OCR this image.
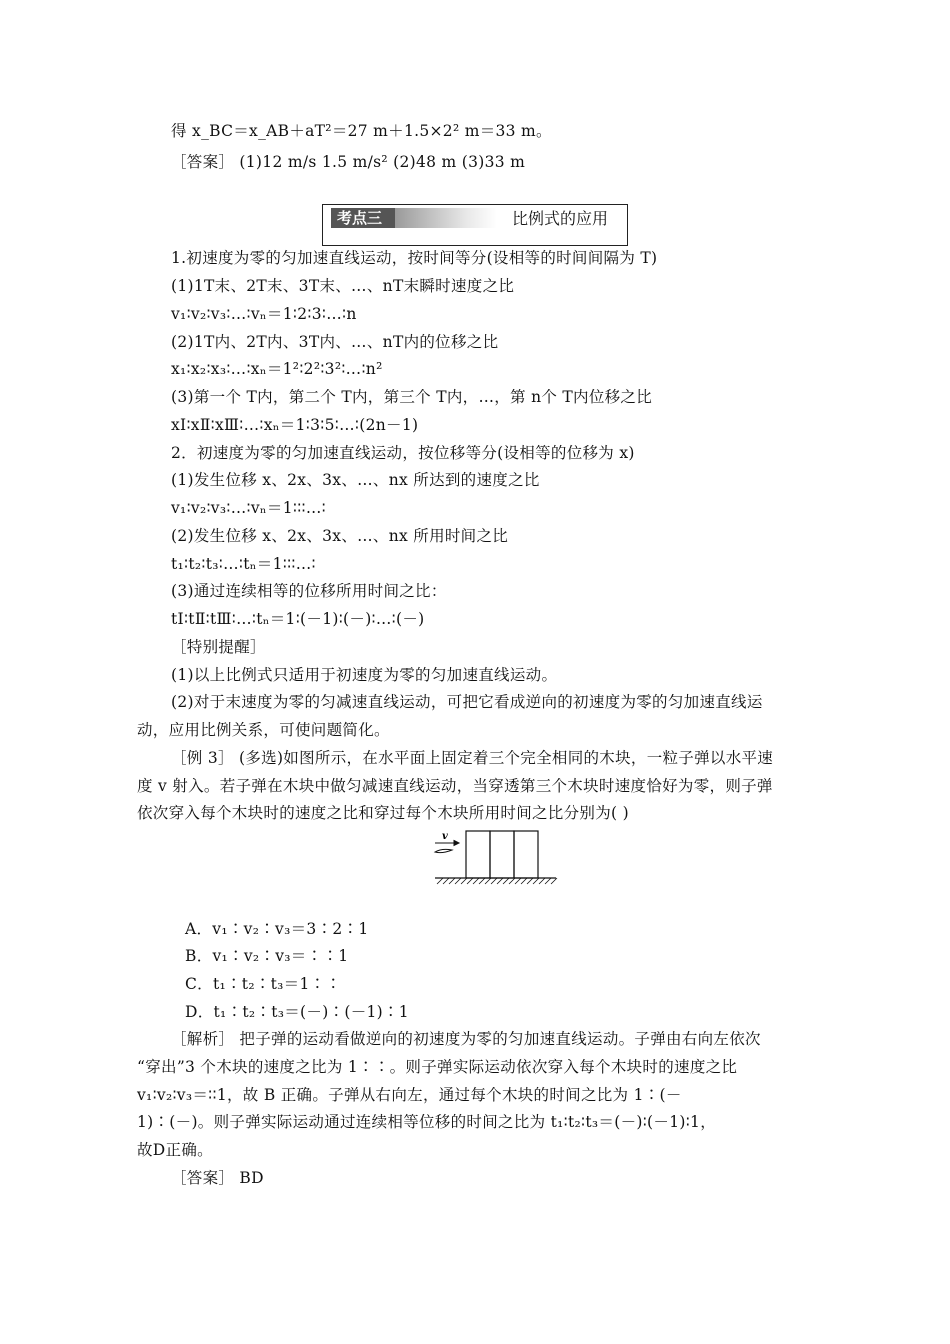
得 x_BC＝x_AB＋aT²＝27 m＋1.5×2² m＝33 m。
［答案］ (1)12 m/s 1.5 m/s² (2)48 m (3)33 m
考点三	比例式的应用
1.初速度为零的匀加速直线运动，按时间等分(设相等的时间间隔为 T)
(1)1T末、2T末、3T末、…、nT末瞬时速度之比
v₁∶v₂∶v₃∶…∶vₙ＝1∶2∶3∶…∶n
(2)1T内、2T内、3T内、…、nT内的位移之比
x₁∶x₂∶x₃∶…∶xₙ＝1²∶2²∶3²∶…∶n²
(3)第一个 T内，第二个 T内，第三个 T内，…，第 n个 T内位移之比
xⅠ∶xⅡ∶xⅢ∶…∶xₙ＝1∶3∶5∶…∶(2n－1)
2．初速度为零的匀加速直线运动，按位移等分(设相等的位移为 x)
(1)发生位移 x、2x、3x、…、nx 所达到的速度之比
v₁∶v₂∶v₃∶…∶vₙ＝1∶∶∶…∶
(2)发生位移 x、2x、3x、…、nx 所用时间之比
t₁∶t₂∶t₃∶…∶tₙ＝1∶∶∶…∶
(3)通过连续相等的位移所用时间之比：
tⅠ∶tⅡ∶tⅢ∶…∶tₙ＝1∶(－1)∶(－)∶…∶(－)
［特别提醒］
(1)以上比例式只适用于初速度为零的匀加速直线运动。
(2)对于末速度为零的匀减速直线运动，可把它看成逆向的初速度为零的匀加速直线运
动，应用比例关系，可使问题简化。
［例 3］ (多选)如图所示，在水平面上固定着三个完全相同的木块，一粒子弹以水平速
度 v 射入。若子弹在木块中做匀减速直线运动，当穿透第三个木块时速度恰好为零，则子弹
依次穿入每个木块时的速度之比和穿过每个木块所用时间之比分别为( )
v
A．v₁∶v₂∶v₃＝3∶2∶1
B．v₁∶v₂∶v₃＝∶∶1
C．t₁∶t₂∶t₃＝1∶∶
D．t₁∶t₂∶t₃＝(－)∶(－1)∶1
［解析］ 把子弹的运动看做逆向的初速度为零的匀加速直线运动。子弹由右向左依次
“穿出”3 个木块的速度之比为 1∶∶。则子弹实际运动依次穿入每个木块时的速度之比
v₁∶v₂∶v₃＝∶∶1，故 B 正确。子弹从右向左，通过每个木块的时间之比为 1∶(－
1)∶(－)。则子弹实际运动通过连续相等位移的时间之比为 t₁∶t₂∶t₃＝(－)∶(－1)∶1，
故D正确。
［答案］ BD
